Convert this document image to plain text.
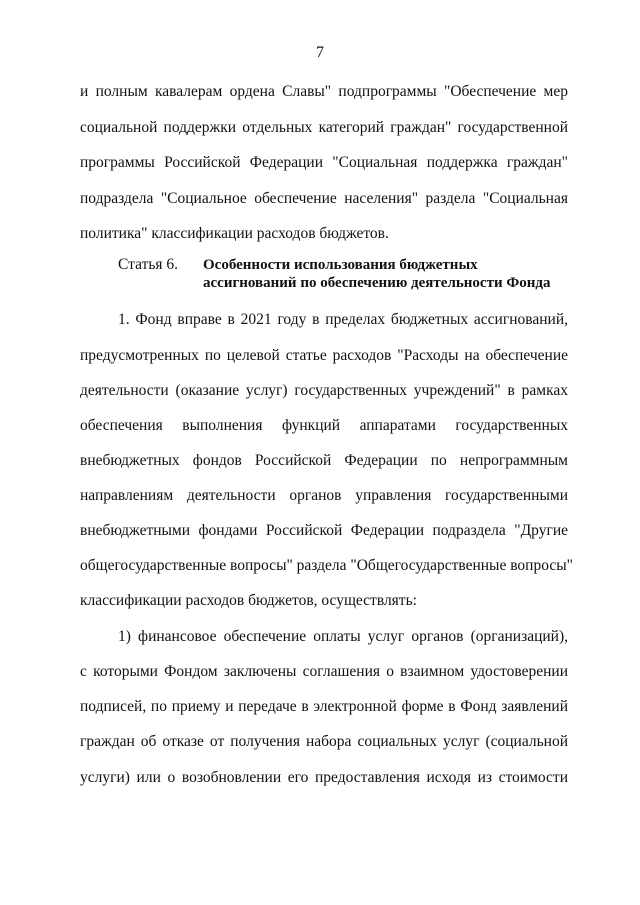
7
и полным кавалерам ордена Славы" подпрограммы "Обеспечение мер
социальной поддержки отдельных категорий граждан" государственной
программы Российской Федерации "Социальная поддержка граждан"
подраздела "Социальное обеспечение населения" раздела "Социальная
политика" классификации расходов бюджетов.
Статья 6. Особенности использования бюджетных
ассигнований по обеспечению деятельности Фонда
1. Фонд вправе в 2021 году в пределах бюджетных ассигнований,
предусмотренных по целевой статье расходов "Расходы на обеспечение
деятельности (оказание услуг) государственных учреждений" в рамках
обеспечения выполнения функций аппаратами государственных
внебюджетных фондов Российской Федерации по непрограммным
направлениям деятельности органов управления государственными
внебюджетными фондами Российской Федерации подраздела "Другие
общегосударственные вопросы" раздела "Общегосударственные вопросы"
классификации расходов бюджетов, осуществлять:
1) финансовое обеспечение оплаты услуг органов (организаций),
с которыми Фондом заключены соглашения о взаимном удостоверении
подписей, по приему и передаче в электронной форме в Фонд заявлений
граждан об отказе от получения набора социальных услуг (социальной
услуги) или о возобновлении его предоставления исходя из стоимости
